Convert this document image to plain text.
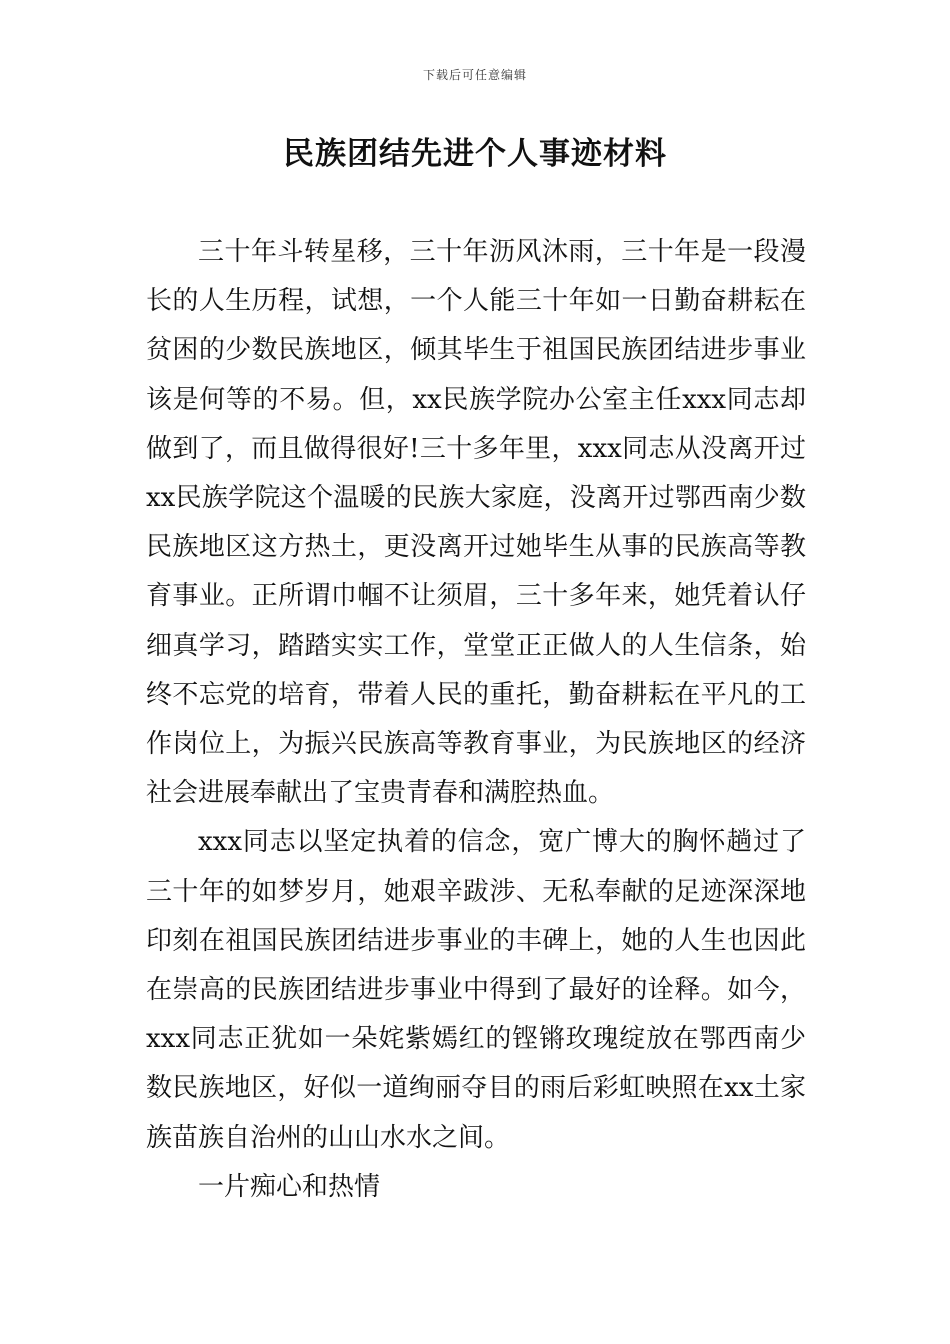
下载后可任意编辑
民族团结先进个人事迹材料

三十年斗转星移，三十年沥风沐雨，三十年是一段漫长的人生历程，试想，一个人能三十年如一日勤奋耕耘在贫困的少数民族地区，倾其毕生于祖国民族团结进步事业该是何等的不易。但，xx民族学院办公室主任xxx同志却做到了，而且做得很好!三十多年里，xxx同志从没离开过xx民族学院这个温暖的民族大家庭，没离开过鄂西南少数民族地区这方热土，更没离开过她毕生从事的民族高等教育事业。正所谓巾帼不让须眉，三十多年来，她凭着认仔细真学习，踏踏实实工作，堂堂正正做人的人生信条，始终不忘党的培育，带着人民的重托，勤奋耕耘在平凡的工作岗位上，为振兴民族高等教育事业，为民族地区的经济社会进展奉献出了宝贵青春和满腔热血。

xxx同志以坚定执着的信念，宽广博大的胸怀趟过了三十年的如梦岁月，她艰辛跋涉、无私奉献的足迹深深地印刻在祖国民族团结进步事业的丰碑上，她的人生也因此在崇高的民族团结进步事业中得到了最好的诠释。如今，xxx同志正犹如一朵姹紫嫣红的铿锵玫瑰绽放在鄂西南少数民族地区，好似一道绚丽夺目的雨后彩虹映照在xx土家族苗族自治州的山山水水之间。

一片痴心和热情
